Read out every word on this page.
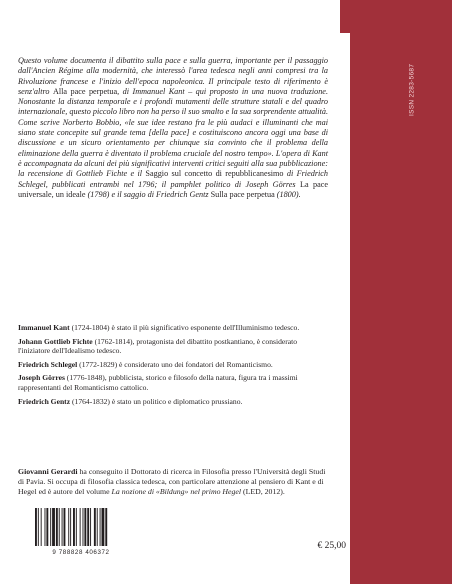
ISSN 2283-5687
Questo volume documenta il dibattito sulla pace e sulla guerra, importante per il passaggio dall'Ancien Régime alla modernità, che interessò l'area tedesca negli anni compresi tra la Rivoluzione francese e l'inizio dell'epoca napoleonica. Il principale testo di riferimento è senz'altro Alla pace perpetua, di Immanuel Kant – qui proposto in una nuova traduzione. Nonostante la distanza temporale e i profondi mutamenti delle strutture statali e del quadro internazionale, questo piccolo libro non ha perso il suo smalto e la sua sorprendente attualità. Come scrive Norberto Bobbio, «le sue idee restano fra le più audaci e illuminanti che mai siano state concepite sul grande tema [della pace] e costituiscono ancora oggi una base di discussione e un sicuro orientamento per chiunque sia convinto che il problema della eliminazione della guerra è diventato il problema cruciale del nostro tempo». L'opera di Kant è accompagnata da alcuni dei più significativi interventi critici seguiti alla sua pubblicazione: la recensione di Gottlieb Fichte e il Saggio sul concetto di repubblicanesimo di Friedrich Schlegel, pubblicati entrambi nel 1796; il pamphlet politico di Joseph Görres La pace universale, un ideale (1798) e il saggio di Friedrich Gentz Sulla pace perpetua (1800).

Immanuel Kant (1724-1804) è stato il più significativo esponente dell'Illuminismo tedesco.

Johann Gottlieb Fichte (1762-1814), protagonista del dibattito postkantiano, è considerato l'iniziatore dell'Idealismo tedesco.

Friedrich Schlegel (1772-1829) è considerato uno dei fondatori del Romanticismo.

Joseph Görres (1776-1848), pubblicista, storico e filosofo della natura, figura tra i massimi rappresentanti del Romanticismo cattolico.

Friedrich Gentz (1764-1832) è stato un politico e diplomatico prussiano.

Giovanni Gerardi ha conseguito il Dottorato di ricerca in Filosofia presso l'Università degli Studi di Pavia. Si occupa di filosofia classica tedesca, con particolare attenzione al pensiero di Kant e di Hegel ed è autore del volume La nozione di «Bildung» nel primo Hegel (LED, 2012).
9 788828 406372
€ 25,00
